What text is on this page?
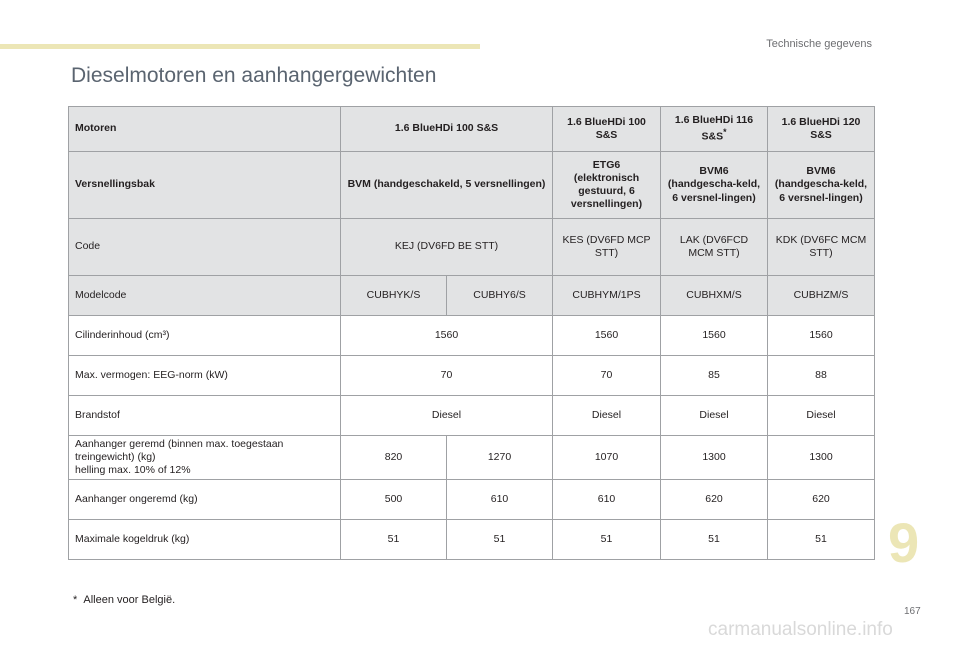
Technische gegevens
Dieselmotoren en aanhangergewichten
Motoren	1.6 BlueHDi 100 S&S		1.6 BlueHDi 100 S&S	1.6 BlueHDi 116 S&S*	1.6 BlueHDi 120 S&S
Versnellingsbak	BVM (handgeschakeld, 5 versnellingen)		ETG6 (elektronisch gestuurd, 6 versnellingen)	BVM6 (handgescha-keld, 6 versnel-lingen)	BVM6 (handgescha-keld, 6 versnel-lingen)
Code	KEJ (DV6FD BE STT)		KES (DV6FD MCP STT)	LAK (DV6FCD MCM STT)	KDK (DV6FC MCM STT)
Modelcode	CUBHYK/S	CUBHY6/S	CUBHYM/1PS	CUBHXM/S	CUBHZM/S
Cilinderinhoud (cm³)	1560		1560	1560	1560
Max. vermogen: EEG-norm (kW)	70		70	85	88
Brandstof	Diesel		Diesel	Diesel	Diesel
Aanhanger geremd (binnen max. toegestaan treingewicht) (kg)
helling max. 10% of 12%	820	1270	1070	1300	1300
Aanhanger ongeremd (kg)	500	610	610	620	620
Maximale kogeldruk (kg)	51	51	51	51	51
* Alleen voor België.
9
167
carmanualsonline.info
